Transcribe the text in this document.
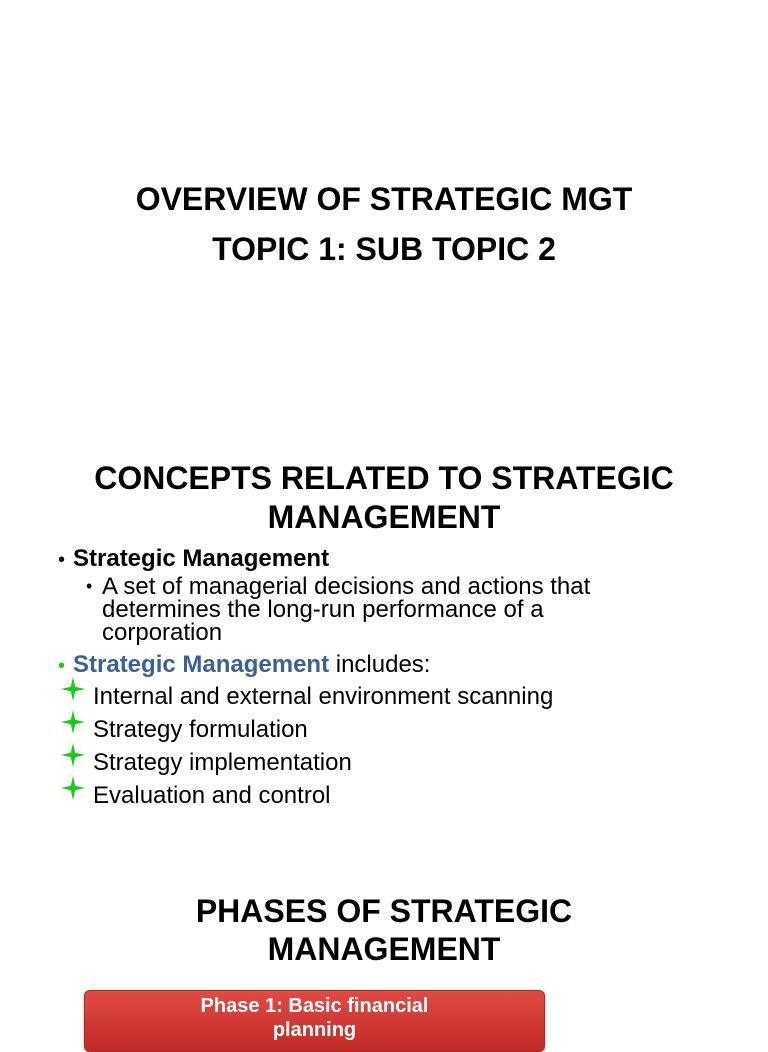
OVERVIEW OF STRATEGIC MGT
TOPIC 1: SUB TOPIC 2
CONCEPTS RELATED TO STRATEGIC
MANAGEMENT
• Strategic Management
• A set of managerial decisions and actions that
determines the long-run performance of a
corporation
• Strategic Management includes:
Internal and external environment scanning
Strategy formulation
Strategy implementation
Evaluation and control
PHASES OF STRATEGIC
MANAGEMENT
Phase 1: Basic financial
planning
